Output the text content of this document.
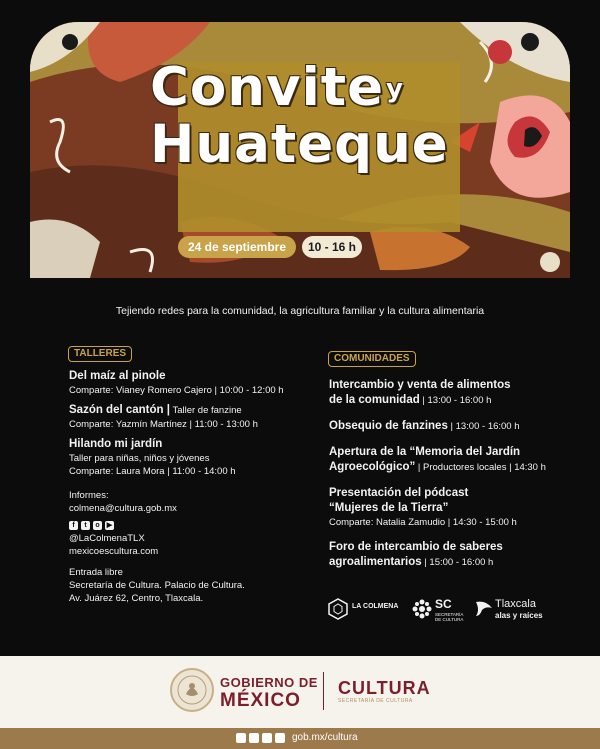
Convitey
Huateque
24 de septiembre	10 - 16 h
Tejiendo redes para la comunidad, la agricultura familiar y la cultura alimentaria
TALLERES
Del maíz al pinole
Comparte: Vianey Romero Cajero | 10:00 - 12:00 h
Sazón del cantón | Taller de fanzine
Comparte: Yazmín Martínez | 11:00 - 13:00 h
Hilando mi jardín
Taller para niñas, niños y jóvenes
Comparte: Laura Mora | 11:00 - 14:00 h
Informes:
colmena@cultura.gob.mx
f	t	o	▶
@LaColmenaTLX
mexicoescultura.com
Entrada libre
Secretaría de Cultura. Palacio de Cultura.
Av. Juárez 62, Centro, Tlaxcala.
COMUNIDADES
Intercambio y venta de alimentos
de la comunidad | 13:00 - 16:00 h
Obsequio de fanzines | 13:00 - 16:00 h
Apertura de la “Memoria del Jardín
Agroecológico” | Productores locales | 14:30 h
Presentación del pódcast
“Mujeres de la Tierra”
Comparte: Natalia Zamudio | 14:30 - 15:00 h
Foro de intercambio de saberes
agroalimentarios | 15:00 - 16:00 h
LA COLMENA	SC
SECRETARÍA DE CULTURA
Tlaxcala
alas y raíces
GOBIERNO DE
MÉXICO
CULTURA
SECRETARÍA DE CULTURA
gob.mx/cultura
